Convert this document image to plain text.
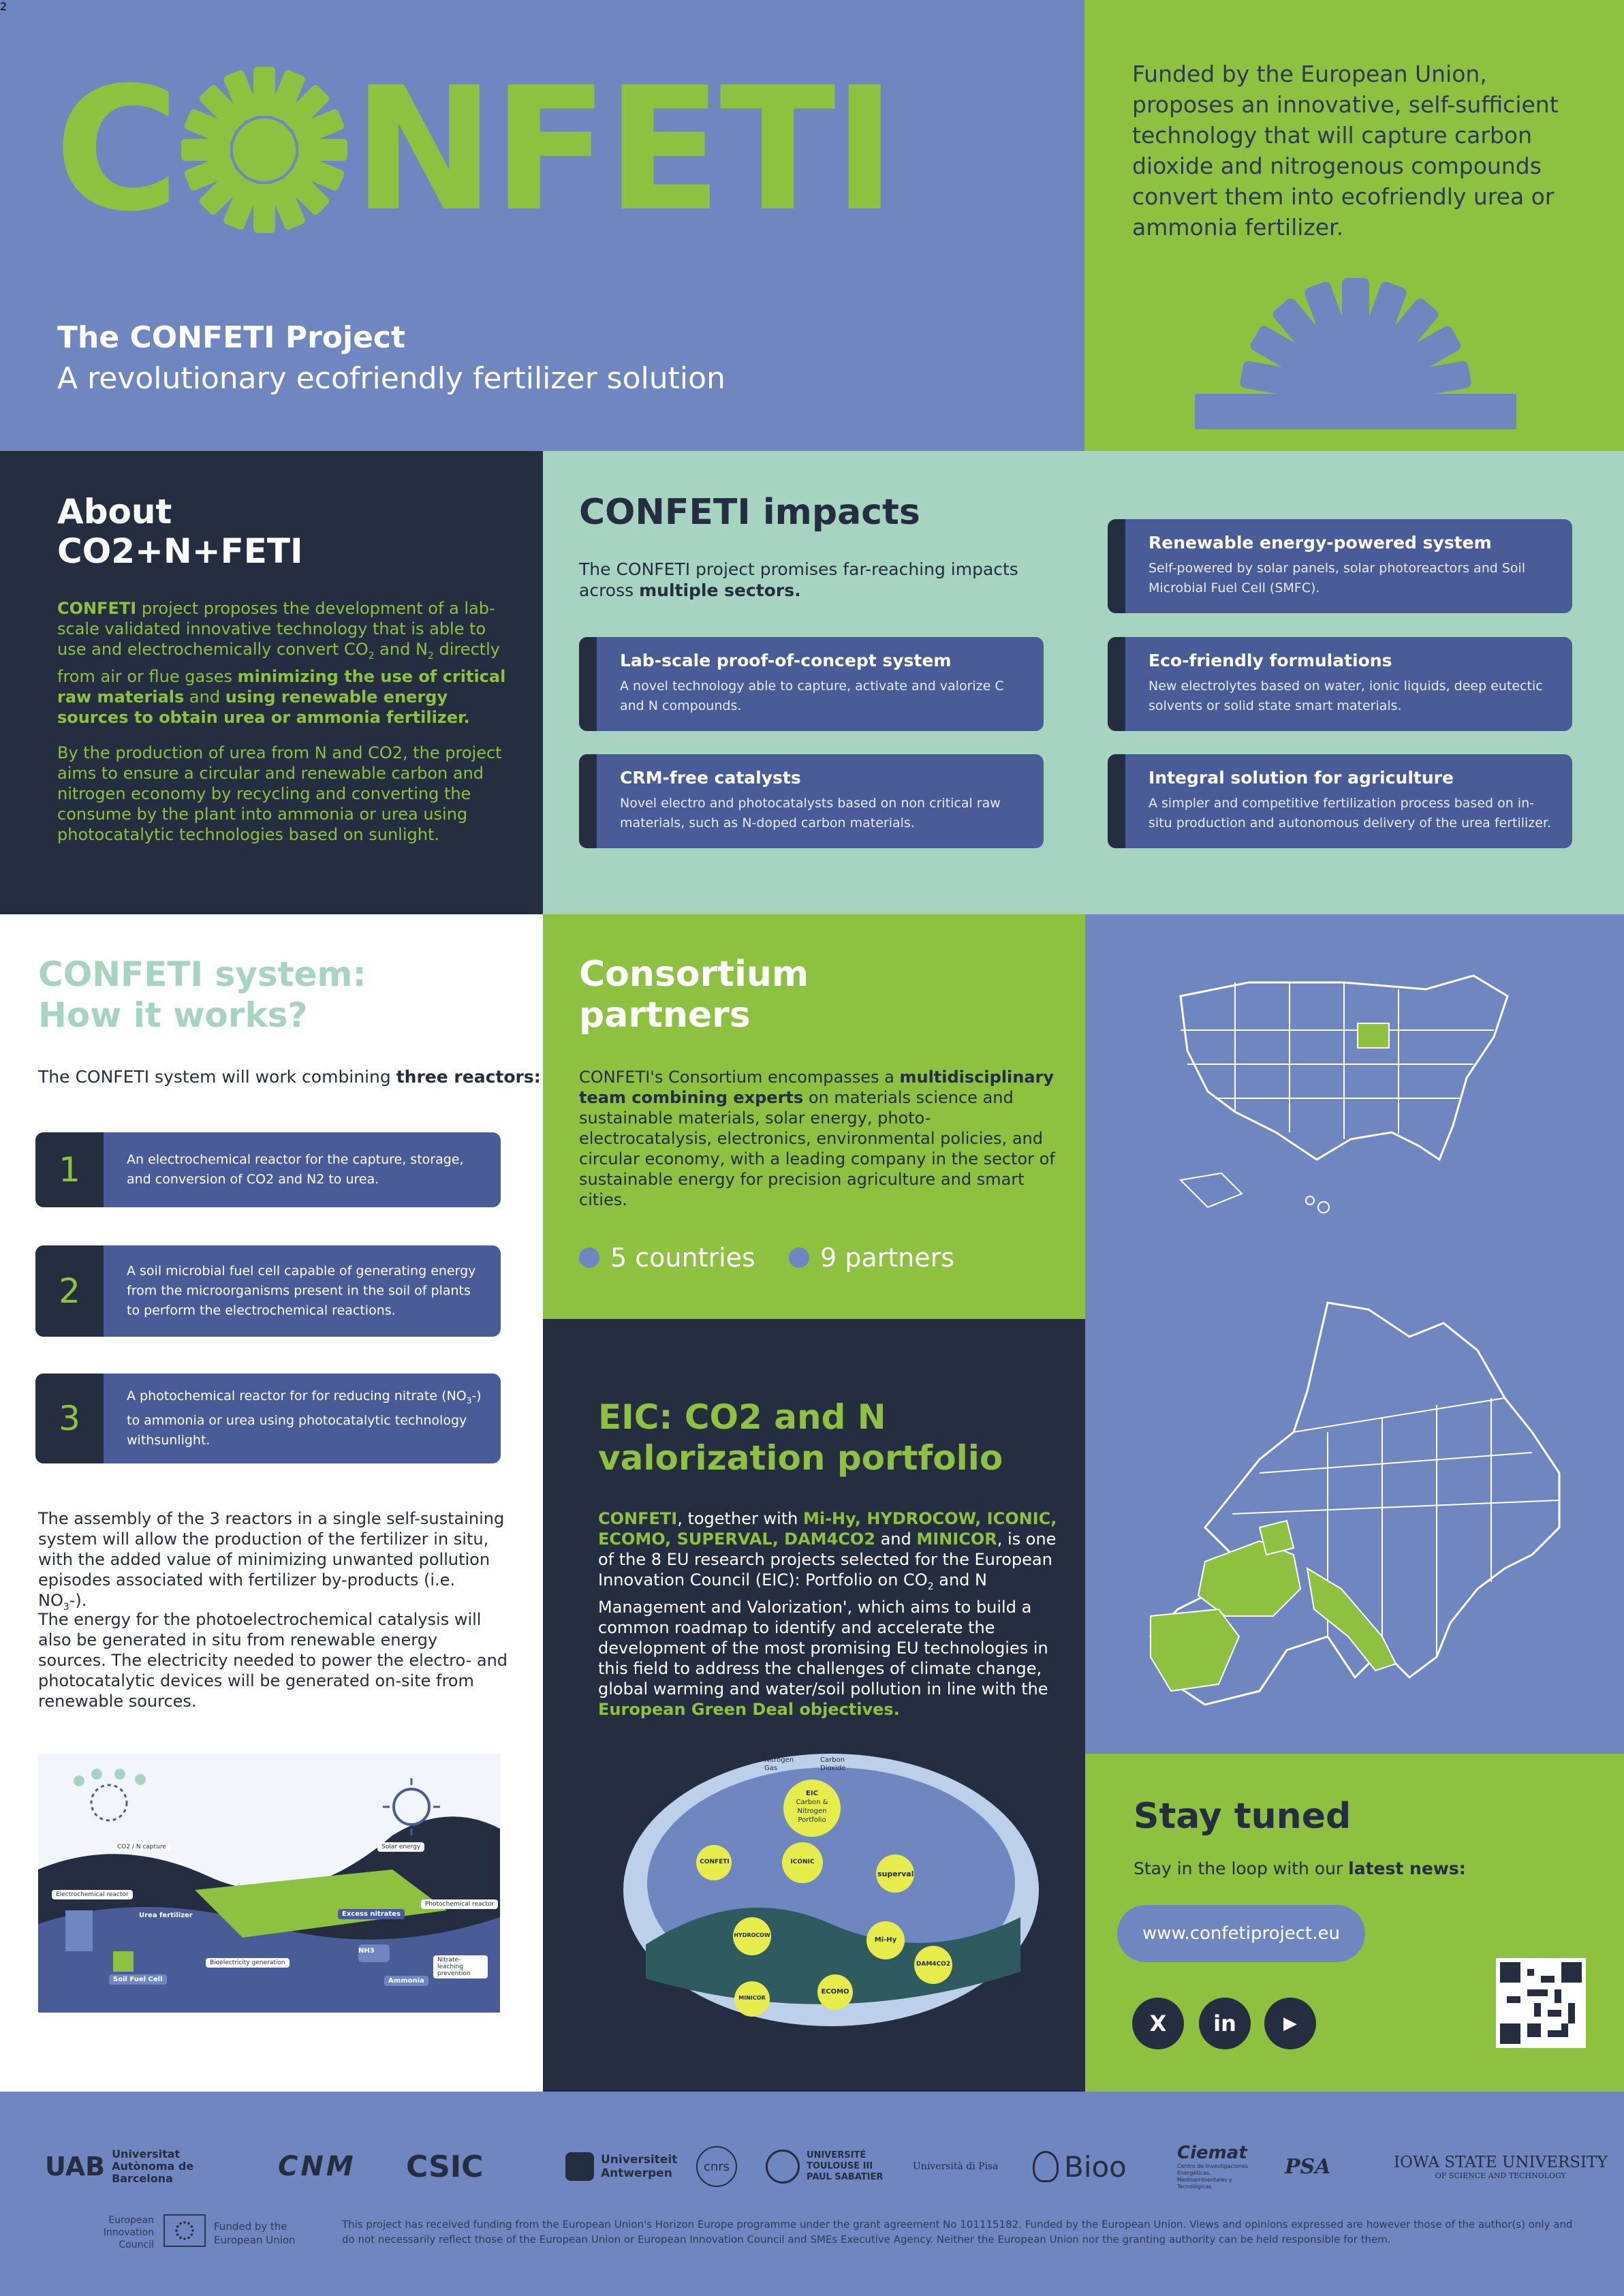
C NFETI
2
The CONFETI Project
A revolutionary ecofriendly fertilizer solution
Funded by the European Union, proposes an innovative, self-sufficient technology that will capture carbon dioxide and nitrogenous compounds convert them into ecofriendly urea or ammonia fertilizer.
About
CO2+N+FETI
CONFETI project proposes the development of a lab-scale validated innovative technology that is able to use and electrochemically convert $CO_2$ and $N_2$ directly from air or flue gases minimizing the use of critical raw materials and using renewable energy sources to obtain urea or ammonia fertilizer.
By the production of urea from N and CO2, the project aims to ensure a circular and renewable carbon and nitrogen economy by recycling and converting the consume by the plant into ammonia or urea using photocatalytic technologies based on sunlight.
CONFETI impacts
The CONFETI project promises far-reaching impacts across multiple sectors.
Renewable energy-powered system
Self-powered by solar panels, solar photoreactors and Soil Microbial Fuel Cell (SMFC).
Lab-scale proof-of-concept system
A novel technology able to capture, activate and valorize C and N compounds.
Eco-friendly formulations
New electrolytes based on water, ionic liquids, deep eutectic solvents or solid state smart materials.
CRM-free catalysts
Novel electro and photocatalysts based on non critical raw materials, such as N-doped carbon materials.
Integral solution for agriculture
A simpler and competitive fertilization process based on in-situ production and autonomous delivery of the urea fertilizer.
CONFETI system:
How it works?
The CONFETI system will work combining three reactors:
1	An electrochemical reactor for the capture, storage, and conversion of CO2 and N2 to urea.
2
A soil microbial fuel cell capable of generating energy from the microorganisms present in the soil of plants to perform the electrochemical reactions.
3
A photochemical reactor for for reducing nitrate $(NO_3-)$ to ammonia or urea using photocatalytic technology withsunlight.
The assembly of the 3 reactors in a single self-sustaining system will allow the production of the fertilizer in situ, with the added value of minimizing unwanted pollution episodes associated with fertilizer by-products (i.e. $NO_3-$).
The energy for the photoelectrochemical catalysis will also be generated in situ from renewable energy sources. The electricity needed to power the electro- and photocatalytic devices will be generated on-site from renewable sources.
CO2 / N capture	Solar energy
Electrochemical reactor
Urea fertilizer	Excess nitrates
Photochemical reactor
Soil Fuel Cell
Bioelectricity generation
NH3
Ammonia
Nitrate-leaching prevention
Consortium
partners
CONFETI's Consortium encompasses a multidisciplinary team combining experts on materials science and sustainable materials, solar energy, photo-electrocatalysis, electronics, environmental policies, and circular economy, with a leading company in the sector of sustainable energy for precision agriculture and smart cities.
5 countries	9 partners
EIC: CO2 and N
valorization portfolio
CONFETI, together with Mi-Hy, HYDROCOW, ICONIC, ECOMO, SUPERVAL, DAM4CO2 and MINICOR, is one of the 8 EU research projects selected for the European Innovation Council (EIC): Portfolio on $CO_2$ and N Management and Valorization', which aims to build a common roadmap to identify and accelerate the development of the most promising EU technologies in this field to address the challenges of climate change, global warming and water/soil pollution in line with the European Green Deal objectives.
Nitrogen Gas
Carbon Dioxide
EIC
Carbon & Nitrogen
Portfolio
CONFETI	ICONIC
superval
HYDROCOW
Mi-Hy
DAM4CO2
ECOMO
MINICOR
Stay tuned
Stay in the loop with our latest news:
www.confetiproject.eu
X	in	▶
UAB Universitat Autònoma de Barcelona	CNM CSIC	Universiteit Antwerpen	cnrs
UNIVERSITÉ TOULOUSE III PAUL SABATIER
Università di Pisa Bioo	Ciemat
Centro de Investigaciones Energéticas, Medioambientales y Tecnológicas
PSA	IOWA STATE UNIVERSITY
OF SCIENCE AND TECHNOLOGY
European Innovation Council
Funded by the European Union
This project has received funding from the European Union's Horizon Europe programme under the grant agreement No 101115182. Funded by the European Union. Views and opinions expressed are however those of the author(s) only and do not necessarily reflect those of the European Union or European Innovation Council and SMEs Executive Agency. Neither the European Union nor the granting authority can be held responsible for them.
